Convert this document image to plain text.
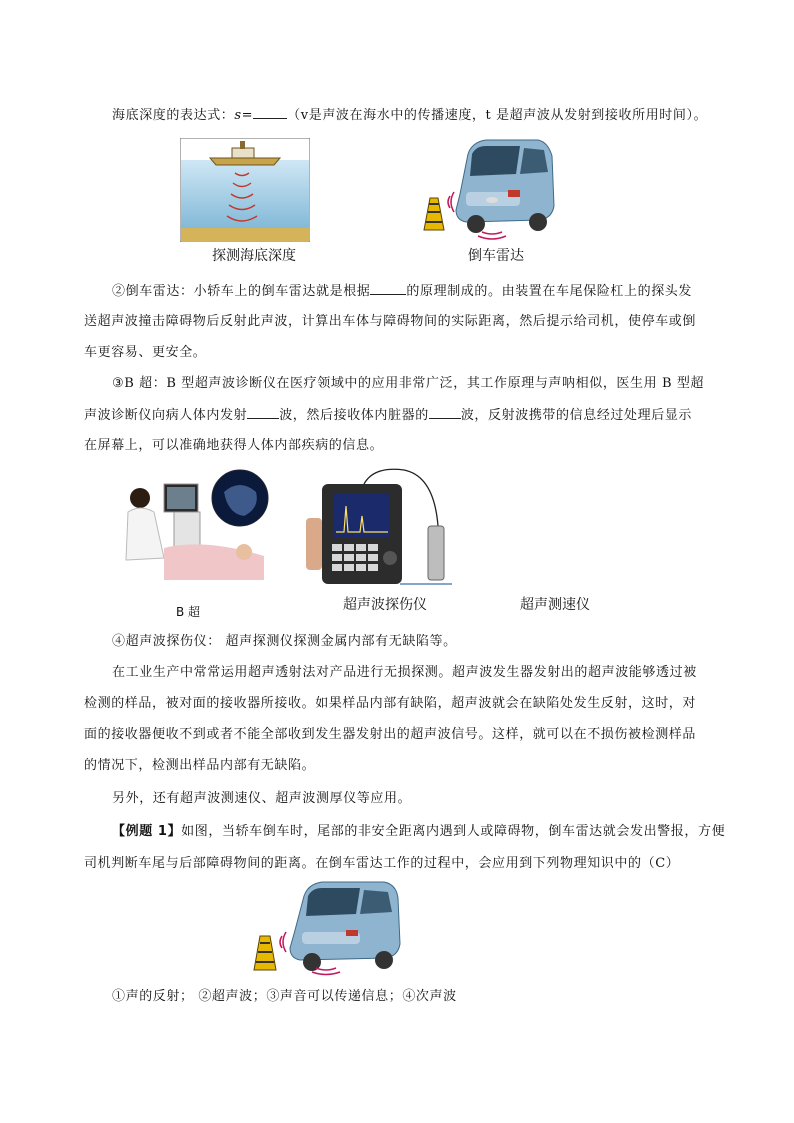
海底深度的表达式：s=	（v是声波在海水中的传播速度，t 是超声波从发射到接收所用时间）。
探测海底深度	倒车雷达
②倒车雷达：小轿车上的倒车雷达就是根据	的原理制成的。由装置在车尾保险杠上的探头发
送超声波撞击障碍物后反射此声波，计算出车体与障碍物间的实际距离，然后提示给司机，使停车或倒
车更容易、更安全。
③B 超：B 型超声波诊断仪在医疗领域中的应用非常广泛，其工作原理与声呐相似，医生用 B 型超
声波诊断仪向病人体内发射 波，然后接收体内脏器的 波，反射波携带的信息经过处理后显示
在屏幕上，可以准确地获得人体内部疾病的信息。
B 超	超声波探伤仪	超声测速仪
④超声波探伤仪： 超声探测仪探测金属内部有无缺陷等。
在工业生产中常常运用超声透射法对产品进行无损探测。超声波发生器发射出的超声波能够透过被
检测的样品，被对面的接收器所接收。如果样品内部有缺陷，超声波就会在缺陷处发生反射，这时，对
面的接收器便收不到或者不能全部收到发生器发射出的超声波信号。这样，就可以在不损伤被检测样品
的情况下，检测出样品内部有无缺陷。
另外，还有超声波测速仪、超声波测厚仪等应用。
【例题 1】如图，当轿车倒车时，尾部的非安全距离内遇到人或障碍物，倒车雷达就会发出警报，方便
司机判断车尾与后部障碍物间的距离。在倒车雷达工作的过程中，会应用到下列物理知识中的（C）
①声的反射； ②超声波；③声音可以传递信息；④次声波
